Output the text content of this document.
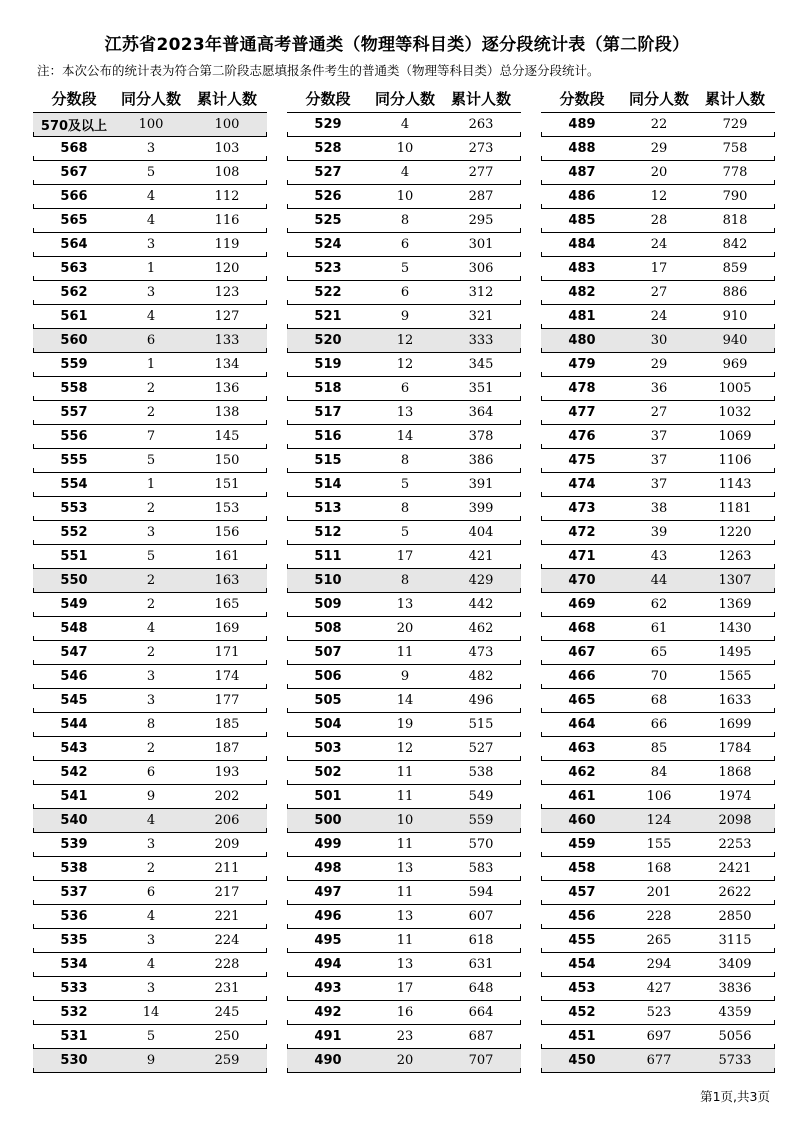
江苏省2023年普通高考普通类（物理等科目类）逐分段统计表（第二阶段）
注：本次公布的统计表为符合第二阶段志愿填报条件考生的普通类（物理等科目类）总分逐分段统计。
分数段	同分人数	累计人数
570及以上	100	100
568	3	103
567	5	108
566	4	112
565	4	116
564	3	119
563	1	120
562	3	123
561	4	127
560	6	133
559	1	134
558	2	136
557	2	138
556	7	145
555	5	150
554	1	151
553	2	153
552	3	156
551	5	161
550	2	163
549	2	165
548	4	169
547	2	171
546	3	174
545	3	177
544	8	185
543	2	187
542	6	193
541	9	202
540	4	206
539	3	209
538	2	211
537	6	217
536	4	221
535	3	224
534	4	228
533	3	231
532	14	245
531	5	250
530	9	259
分数段	同分人数	累计人数
529	4	263
528	10	273
527	4	277
526	10	287
525	8	295
524	6	301
523	5	306
522	6	312
521	9	321
520	12	333
519	12	345
518	6	351
517	13	364
516	14	378
515	8	386
514	5	391
513	8	399
512	5	404
511	17	421
510	8	429
509	13	442
508	20	462
507	11	473
506	9	482
505	14	496
504	19	515
503	12	527
502	11	538
501	11	549
500	10	559
499	11	570
498	13	583
497	11	594
496	13	607
495	11	618
494	13	631
493	17	648
492	16	664
491	23	687
490	20	707
分数段	同分人数	累计人数
489	22	729
488	29	758
487	20	778
486	12	790
485	28	818
484	24	842
483	17	859
482	27	886
481	24	910
480	30	940
479	29	969
478	36	1005
477	27	1032
476	37	1069
475	37	1106
474	37	1143
473	38	1181
472	39	1220
471	43	1263
470	44	1307
469	62	1369
468	61	1430
467	65	1495
466	70	1565
465	68	1633
464	66	1699
463	85	1784
462	84	1868
461	106	1974
460	124	2098
459	155	2253
458	168	2421
457	201	2622
456	228	2850
455	265	3115
454	294	3409
453	427	3836
452	523	4359
451	697	5056
450	677	5733
第1页,共3页
